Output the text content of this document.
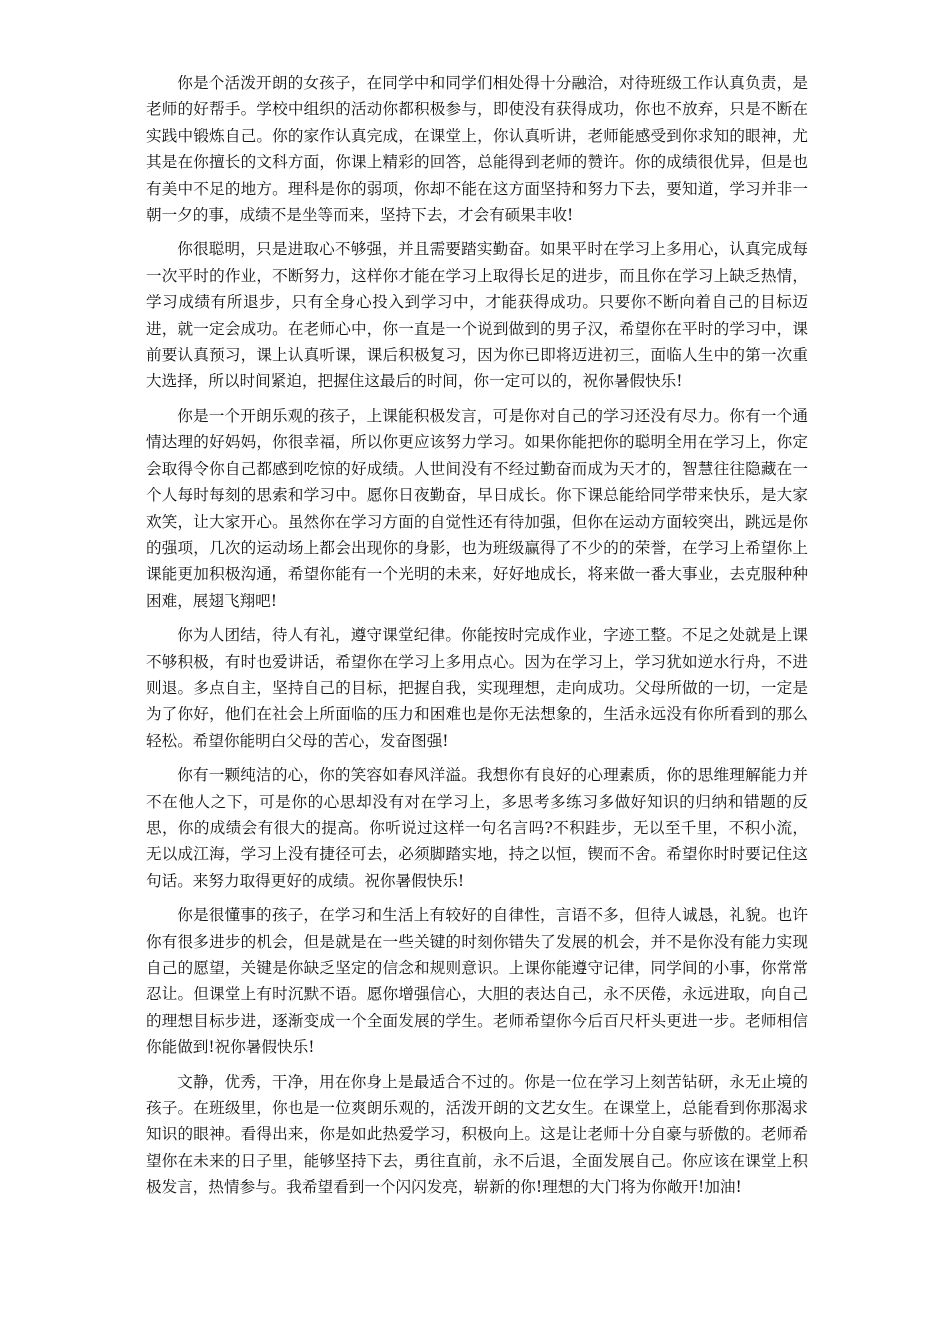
你是个活泼开朗的女孩子，在同学中和同学们相处得十分融洽，对待班级工作认真负责，是老师的好帮手。学校中组织的活动你都积极参与，即使没有获得成功，你也不放弃，只是不断在实践中锻炼自己。你的家作认真完成，在课堂上，你认真听讲，老师能感受到你求知的眼神，尤其是在你擅长的文科方面，你课上精彩的回答，总能得到老师的赞许。你的成绩很优异，但是也有美中不足的地方。理科是你的弱项，你却不能在这方面坚持和努力下去，要知道，学习并非一朝一夕的事，成绩不是坐等而来，坚持下去，才会有硕果丰收!

你很聪明，只是进取心不够强，并且需要踏实勤奋。如果平时在学习上多用心，认真完成每一次平时的作业，不断努力，这样你才能在学习上取得长足的进步，而且你在学习上缺乏热情，学习成绩有所退步，只有全身心投入到学习中，才能获得成功。只要你不断向着自己的目标迈进，就一定会成功。在老师心中，你一直是一个说到做到的男子汉，希望你在平时的学习中，课前要认真预习，课上认真听课，课后积极复习，因为你已即将迈进初三，面临人生中的第一次重大选择，所以时间紧迫，把握住这最后的时间，你一定可以的，祝你暑假快乐!

你是一个开朗乐观的孩子，上课能积极发言，可是你对自己的学习还没有尽力。你有一个通情达理的好妈妈，你很幸福，所以你更应该努力学习。如果你能把你的聪明全用在学习上，你定会取得令你自己都感到吃惊的好成绩。人世间没有不经过勤奋而成为天才的，智慧往往隐藏在一个人每时每刻的思索和学习中。愿你日夜勤奋，早日成长。你下课总能给同学带来快乐，是大家欢笑，让大家开心。虽然你在学习方面的自觉性还有待加强，但你在运动方面较突出，跳远是你的强项，几次的运动场上都会出现你的身影，也为班级赢得了不少的的荣誉，在学习上希望你上课能更加积极沟通，希望你能有一个光明的未来，好好地成长，将来做一番大事业，去克服种种困难，展翅飞翔吧!

你为人团结，待人有礼，遵守课堂纪律。你能按时完成作业，字迹工整。不足之处就是上课不够积极，有时也爱讲话，希望你在学习上多用点心。因为在学习上，学习犹如逆水行舟，不进则退。多点自主，坚持自己的目标，把握自我，实现理想，走向成功。父母所做的一切，一定是为了你好，他们在社会上所面临的压力和困难也是你无法想象的，生活永远没有你所看到的那么轻松。希望你能明白父母的苦心，发奋图强!

你有一颗纯洁的心，你的笑容如春风洋溢。我想你有良好的心理素质，你的思维理解能力并不在他人之下，可是你的心思却没有对在学习上，多思考多练习多做好知识的归纳和错题的反思，你的成绩会有很大的提高。你听说过这样一句名言吗?不积跬步，无以至千里，不积小流，无以成江海，学习上没有捷径可去，必须脚踏实地，持之以恒，锲而不舍。希望你时时要记住这句话。来努力取得更好的成绩。祝你暑假快乐!

你是很懂事的孩子，在学习和生活上有较好的自律性，言语不多，但待人诚恳，礼貌。也许你有很多进步的机会，但是就是在一些关键的时刻你错失了发展的机会，并不是你没有能力实现自己的愿望，关键是你缺乏坚定的信念和规则意识。上课你能遵守记律，同学间的小事，你常常忍让。但课堂上有时沉默不语。愿你增强信心，大胆的表达自己，永不厌倦，永远进取，向自己的理想目标步进，逐渐变成一个全面发展的学生。老师希望你今后百尺杆头更进一步。老师相信你能做到!祝你暑假快乐!

文静，优秀，干净，用在你身上是最适合不过的。你是一位在学习上刻苦钻研，永无止境的孩子。在班级里，你也是一位爽朗乐观的，活泼开朗的文艺女生。在课堂上，总能看到你那渴求知识的眼神。看得出来，你是如此热爱学习，积极向上。这是让老师十分自豪与骄傲的。老师希望你在未来的日子里，能够坚持下去，勇往直前，永不后退，全面发展自己。你应该在课堂上积极发言，热情参与。我希望看到一个闪闪发亮，崭新的你!理想的大门将为你敞开!加油!
